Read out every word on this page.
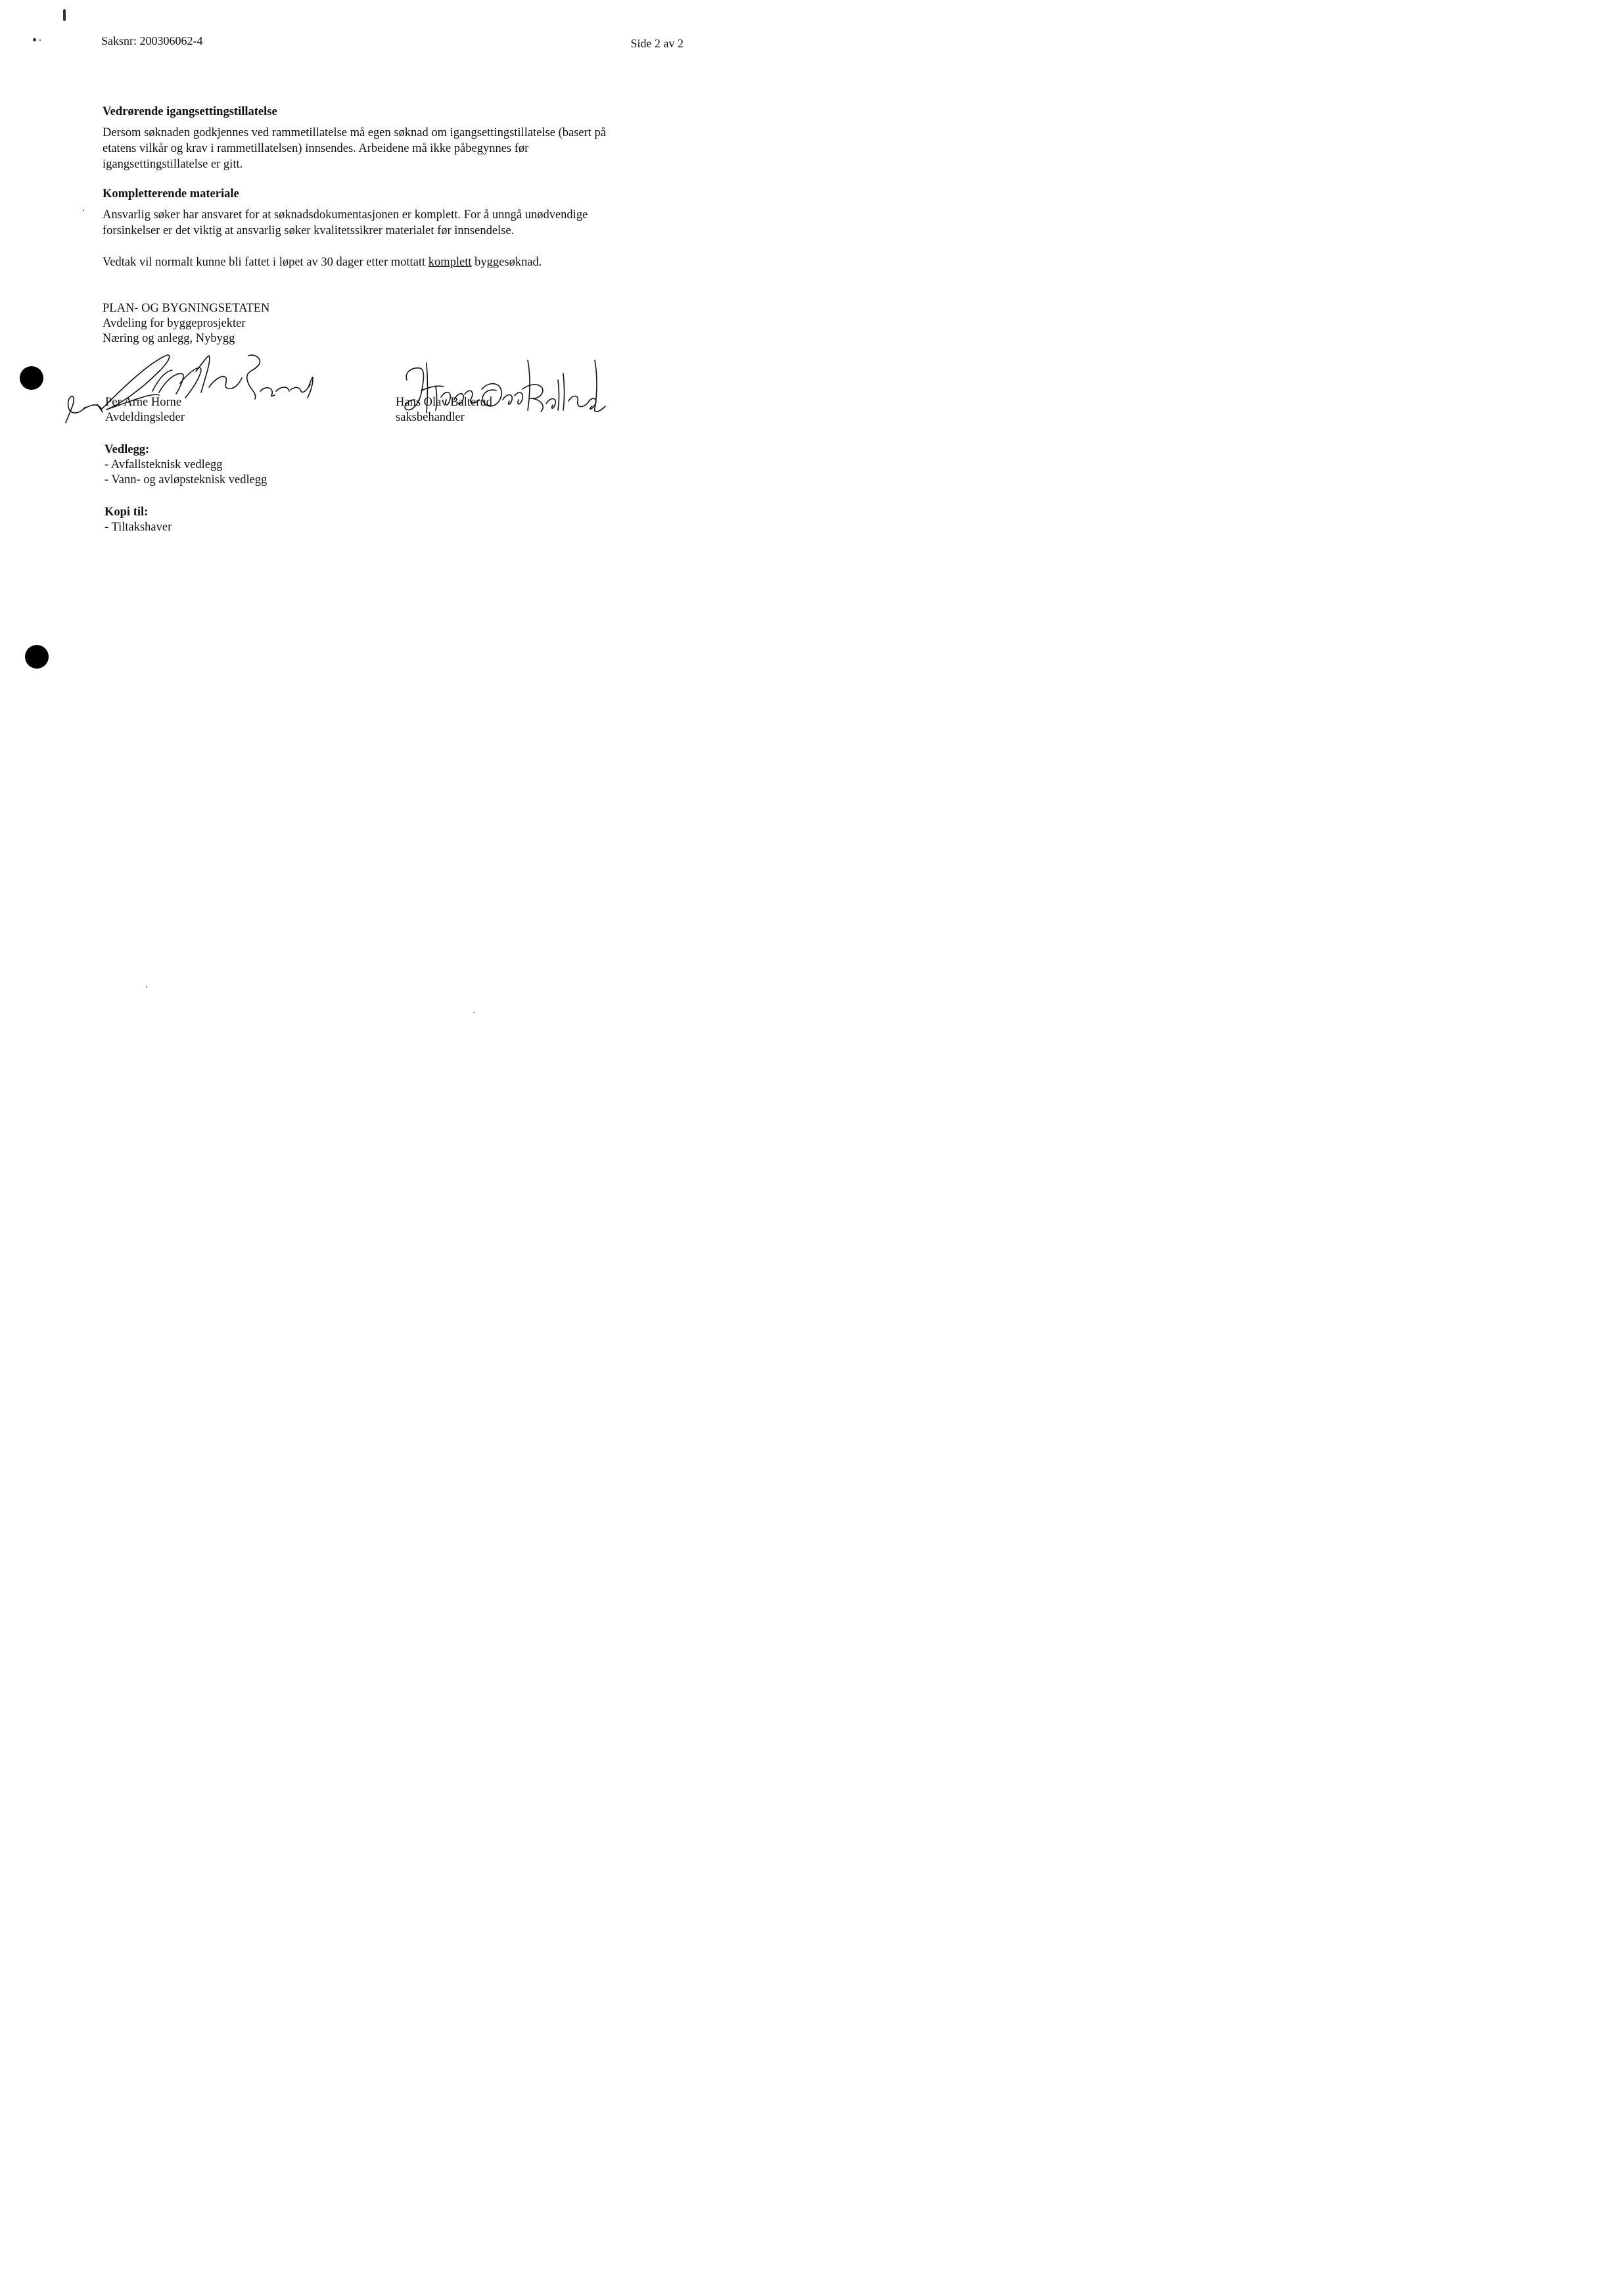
Saksnr: 200306062-4	Side 2 av 2
Vedrørende igangsettingstillatelse
Dersom søknaden godkjennes ved rammetillatelse må egen søknad om igangsettingstillatelse (basert på
etatens vilkår og krav i rammetillatelsen) innsendes. Arbeidene må ikke påbegynnes før
igangsettingstillatelse er gitt.
Kompletterende materiale
Ansvarlig søker har ansvaret for at søknadsdokumentasjonen er komplett. For å unngå unødvendige
forsinkelser er det viktig at ansvarlig søker kvalitetssikrer materialet før innsendelse.
Vedtak vil normalt kunne bli fattet i løpet av 30 dager etter mottatt komplett byggesøknad.
PLAN- OG BYGNINGSETATEN
Avdeling for byggeprosjekter
Næring og anlegg, Nybygg
Per Arne Horne
Avdeldingsleder
Hans Olav Balterud
saksbehandler
Vedlegg:
- Avfallsteknisk vedlegg
- Vann- og avløpsteknisk vedlegg
Kopi til:
- Tiltakshaver
